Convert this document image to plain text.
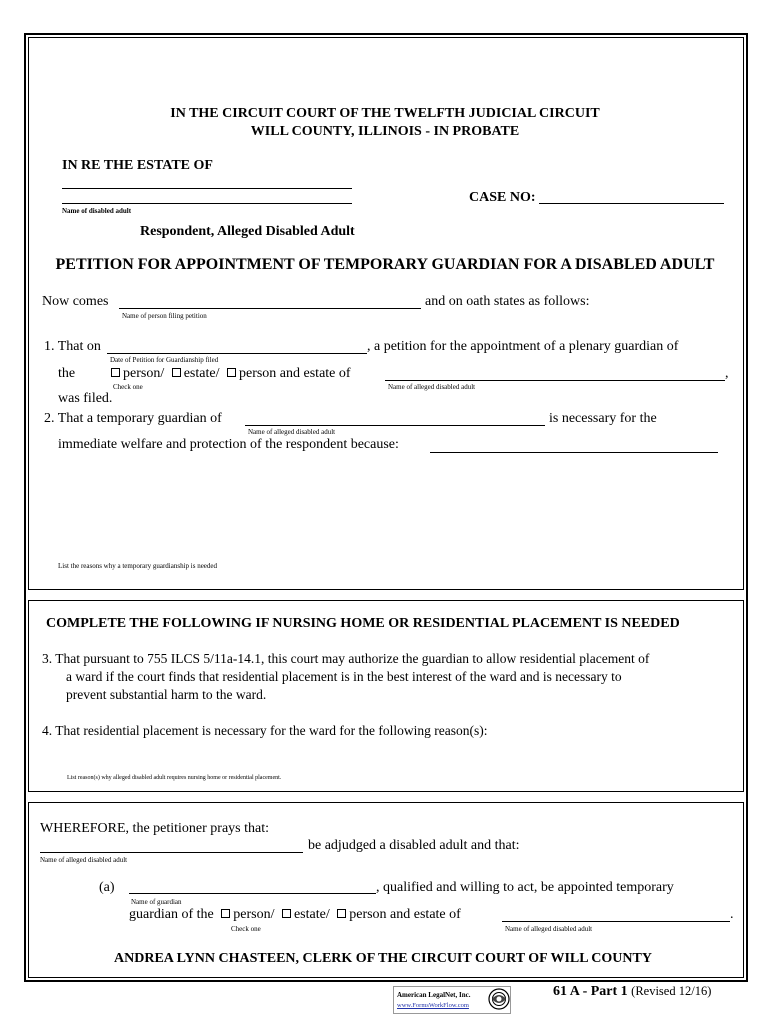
IN THE CIRCUIT COURT OF THE TWELFTH JUDICIAL CIRCUIT
WILL COUNTY, ILLINOIS - IN PROBATE
IN RE THE ESTATE OF
Name of disabled adult
CASE NO:
Respondent, Alleged Disabled Adult
PETITION FOR APPOINTMENT OF TEMPORARY GUARDIAN FOR A DISABLED ADULT
Now comes	and on oath states as follows:
Name of person filing petition
1. That on	, a petition for the appointment of a plenary guardian of
Date of Petition for Guardianship filed
the	person/ estate/ person and estate of	,
Check one	Name of alleged disabled adult
was filed.
2. That a temporary guardian of	is necessary for the
Name of alleged disabled adult
immediate welfare and protection of the respondent because:
List the reasons why a temporary guardianship is needed
COMPLETE THE FOLLOWING IF NURSING HOME OR RESIDENTIAL PLACEMENT IS NEEDED
3. That pursuant to 755 ILCS 5/11a-14.1, this court may authorize the guardian to allow residential placement of
a ward if the court finds that residential placement is in the best interest of the ward and is necessary to
prevent substantial harm to the ward.
4. That residential placement is necessary for the ward for the following reason(s):
List reason(s) why alleged disabled adult requires nursing home or residential placement.
WHEREFORE, the petitioner prays that:
be adjudged a disabled adult and that:
Name of alleged disabled adult
(a)	, qualified and willing to act, be appointed temporary
Name of guardian
guardian of the person/ estate/ person and estate of	.
Check one	Name of alleged disabled adult
ANDREA LYNN CHASTEEN, CLERK OF THE CIRCUIT COURT OF WILL COUNTY
American LegalNet, Inc.
www.FormsWorkFlow.com
61 A - Part 1 (Revised 12/16)
